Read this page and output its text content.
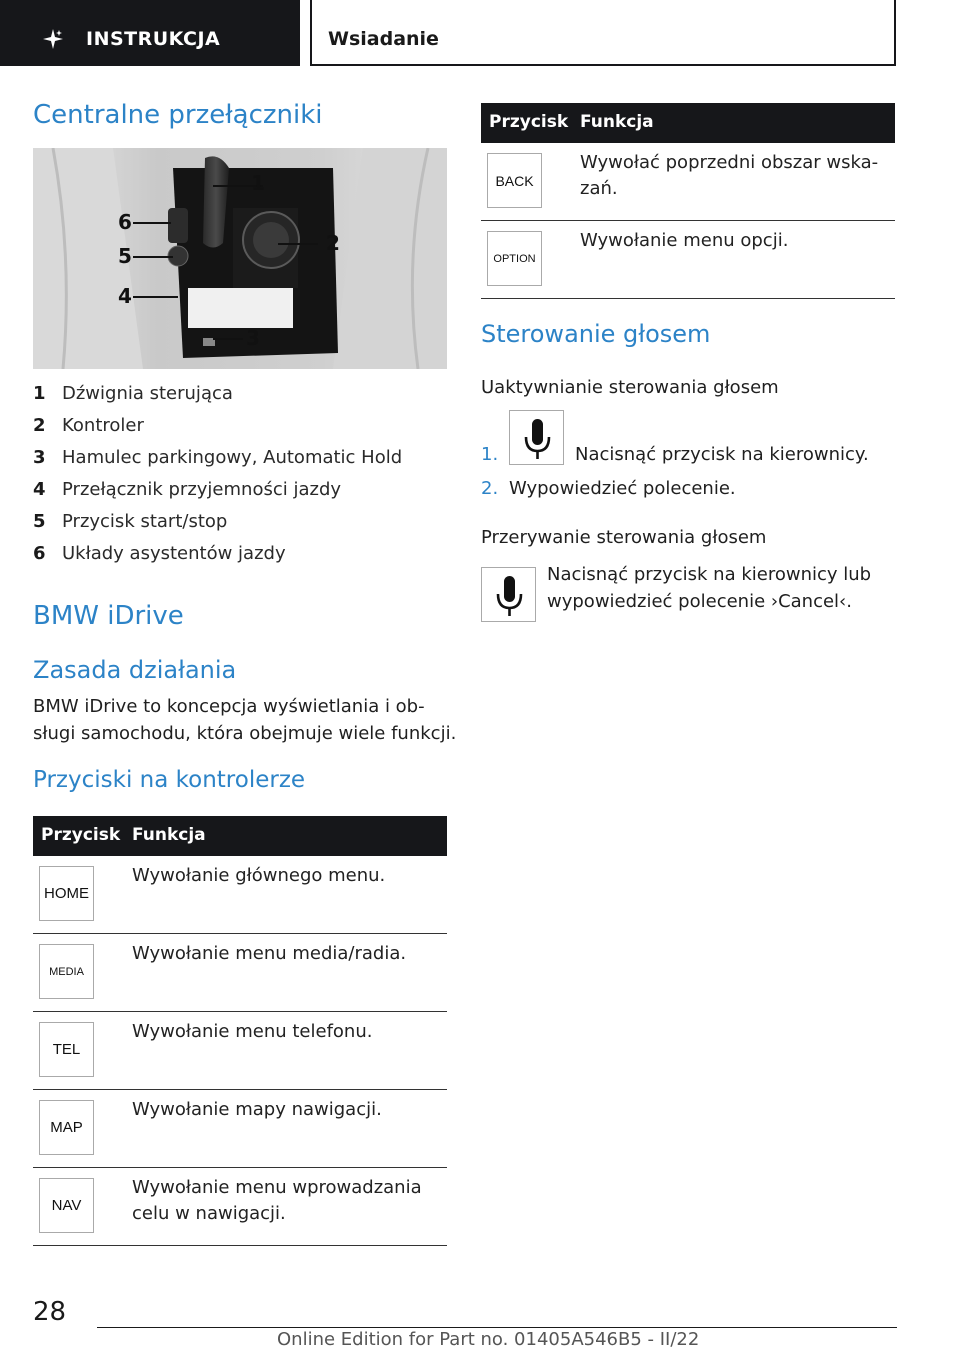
INSTRUKCJA	Wsiadanie
Centralne przełączniki
1
2
3
4
5
6
1 Dźwignia sterująca
2 Kontroler
3 Hamulec parkingowy, Automatic Hold
4 Przełącznik przyjemności jazdy
5 Przycisk start/stop
6 Układy asystentów jazdy
BMW iDrive
Zasada działania
BMW iDrive to koncepcja wyświetlania i ob-
sługi samochodu, która obejmuje wiele funkcji.
Przyciski na kontrolerze
Przycisk Funkcja
HOME
Wywołanie głównego menu.
MEDIA
Wywołanie menu media/radia.
TEL
Wywołanie menu telefonu.
MAP
Wywołanie mapy nawigacji.
NAV
Wywołanie menu wprowadzania
celu w nawigacji.
Przycisk Funkcja
BACK
Wywołać poprzedni obszar wska-
zań.
OPTION
Wywołanie menu opcji.
Sterowanie głosem
Uaktywnianie sterowania głosem
1.	Nacisnąć przycisk na kierownicy.
2. Wypowiedzieć polecenie.
Przerywanie sterowania głosem
Nacisnąć przycisk na kierownicy lub
wypowiedzieć polecenie ›Cancel‹.
28
Online Edition for Part no. 01405A546B5 - II/22
